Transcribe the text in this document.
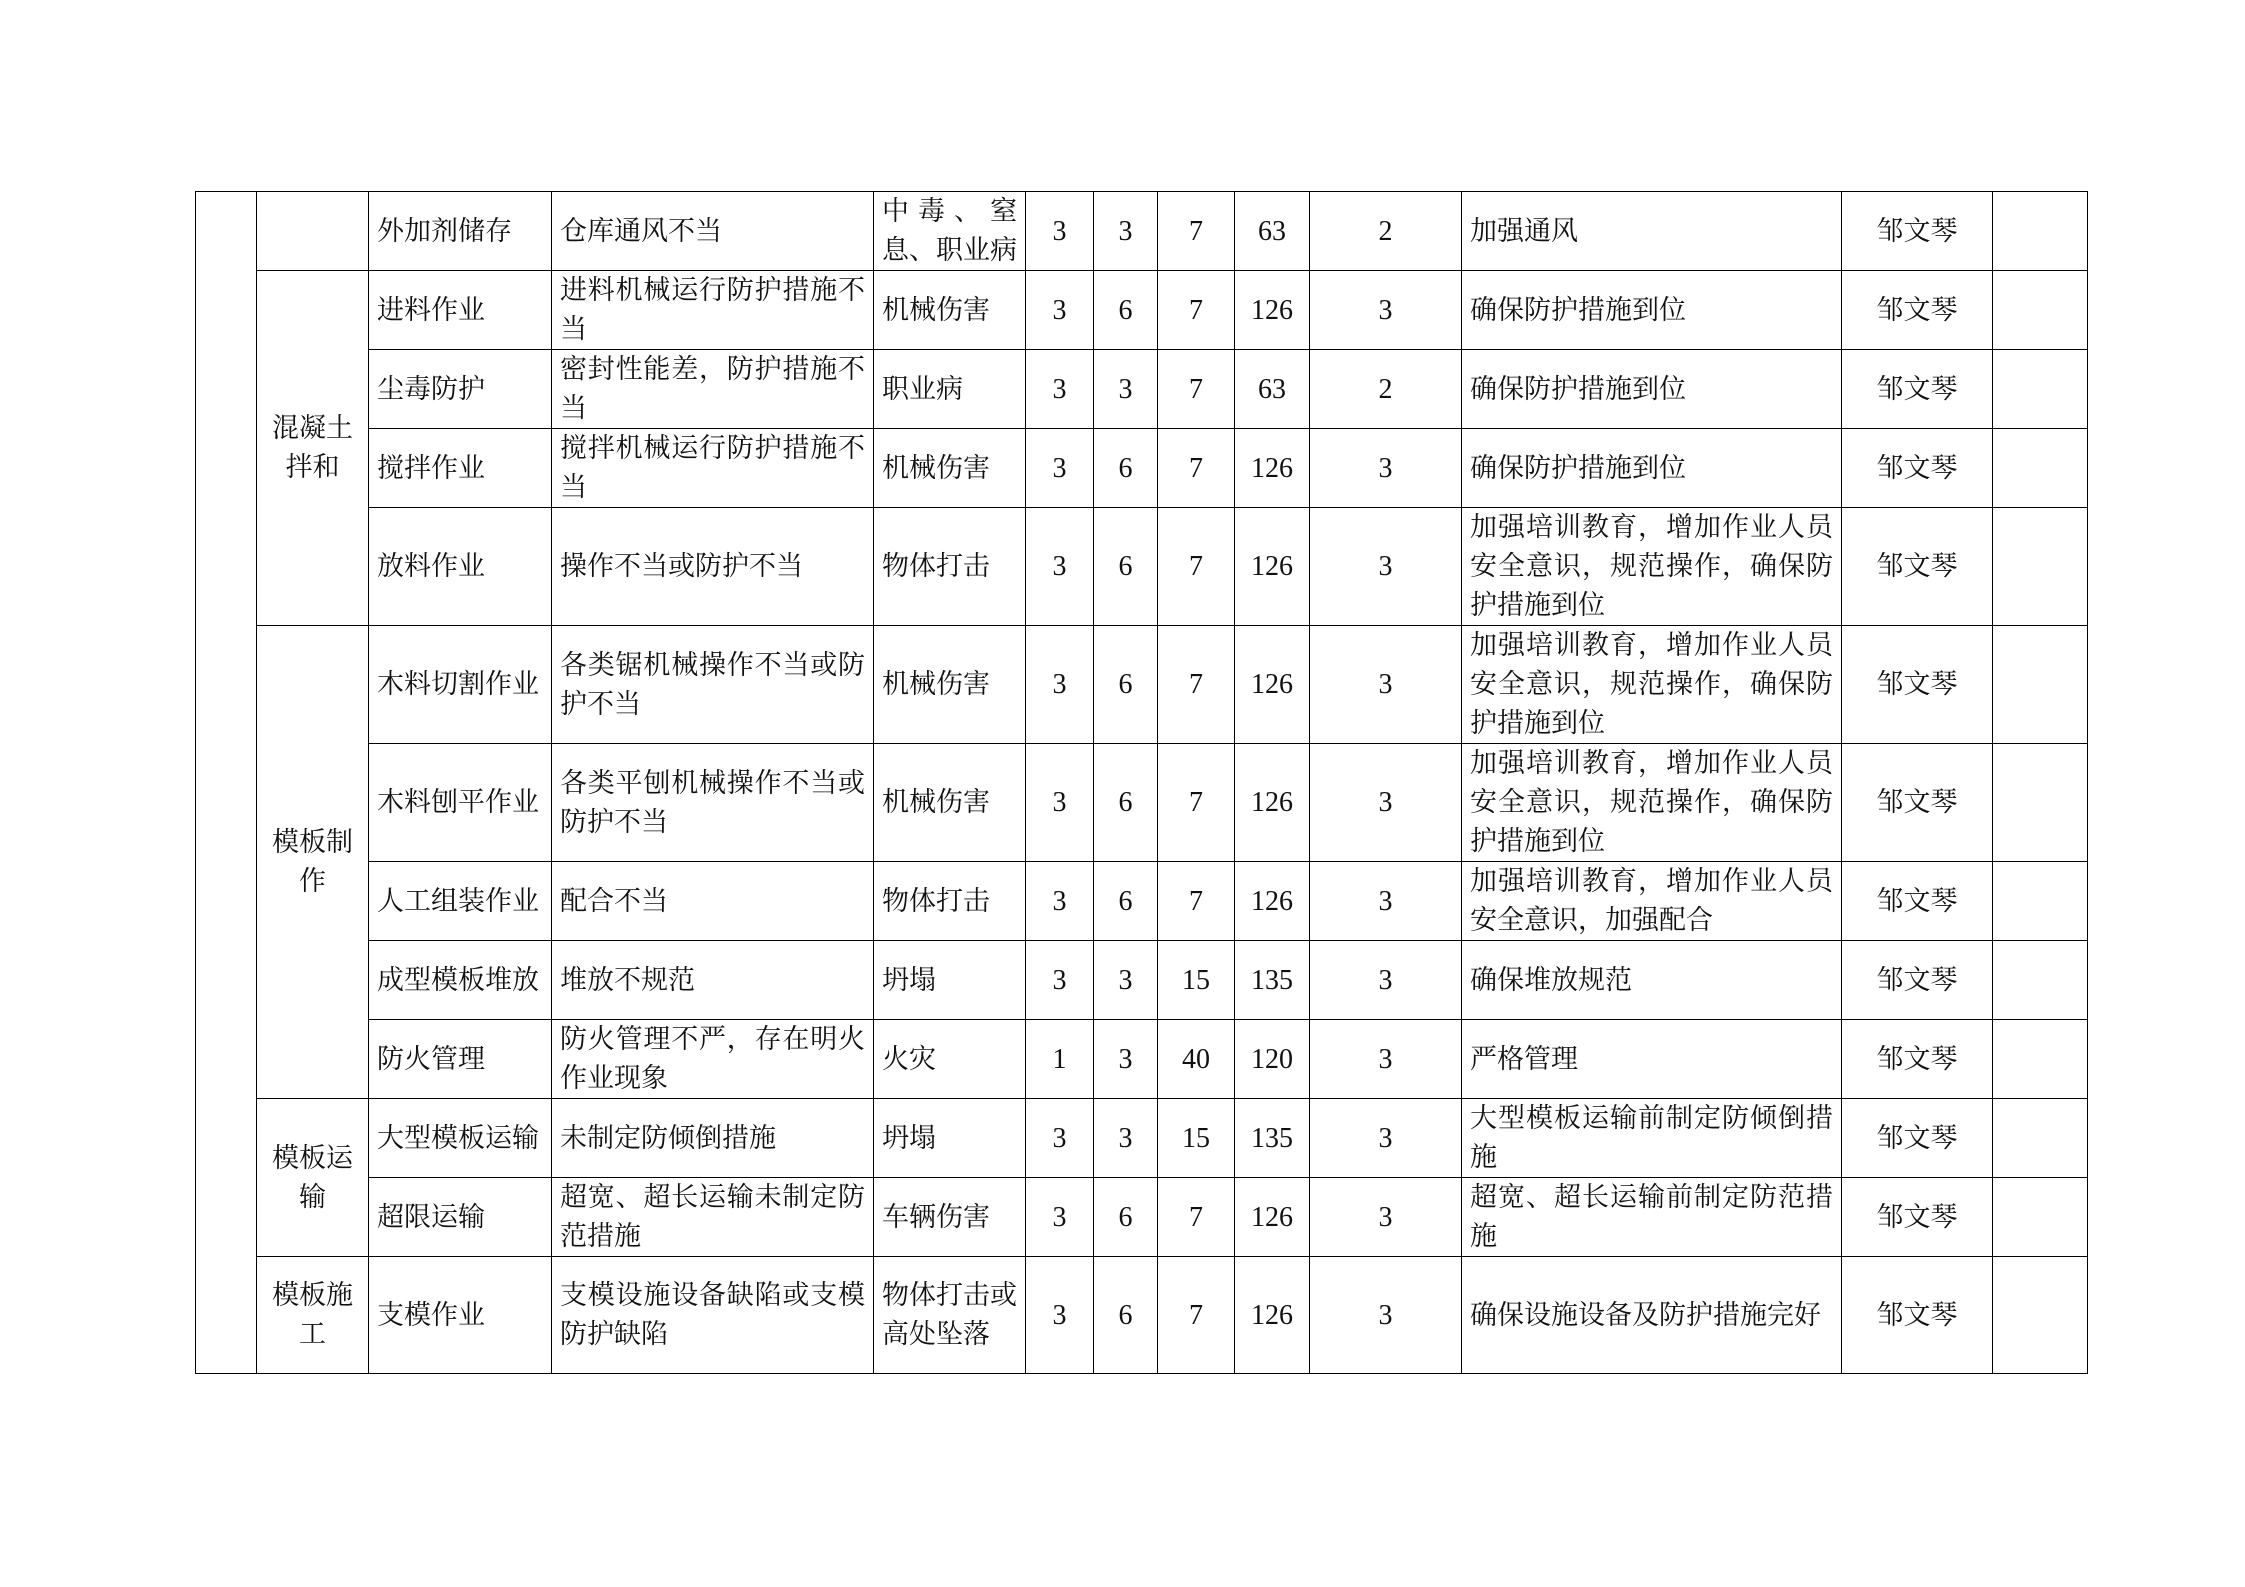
		外加剂储存	仓库通风不当	中毒、窒息、职业病	3	3	7	63	2	加强通风	邹文琴	
	混凝土拌和	进料作业	进料机械运行防护措施不当	机械伤害	3	6	7	126	3	确保防护措施到位	邹文琴	
		尘毒防护	密封性能差，防护措施不当	职业病	3	3	7	63	2	确保防护措施到位	邹文琴	
		搅拌作业	搅拌机械运行防护措施不当	机械伤害	3	6	7	126	3	确保防护措施到位	邹文琴	
		放料作业	操作不当或防护不当	物体打击	3	6	7	126	3	加强培训教育，增加作业人员安全意识，规范操作，确保防护措施到位	邹文琴	
	模板制作	木料切割作业	各类锯机械操作不当或防护不当	机械伤害	3	6	7	126	3	加强培训教育，增加作业人员安全意识，规范操作，确保防护措施到位	邹文琴	
		木料刨平作业	各类平刨机械操作不当或防护不当	机械伤害	3	6	7	126	3	加强培训教育，增加作业人员安全意识，规范操作，确保防护措施到位	邹文琴	
		人工组装作业	配合不当	物体打击	3	6	7	126	3	加强培训教育，增加作业人员安全意识，加强配合	邹文琴	
		成型模板堆放	堆放不规范	坍塌	3	3	15	135	3	确保堆放规范	邹文琴	
		防火管理	防火管理不严，存在明火作业现象	火灾	1	3	40	120	3	严格管理	邹文琴	
	模板运输	大型模板运输	未制定防倾倒措施	坍塌	3	3	15	135	3	大型模板运输前制定防倾倒措施	邹文琴	
		超限运输	超宽、超长运输未制定防范措施	车辆伤害	3	6	7	126	3	超宽、超长运输前制定防范措施	邹文琴	
	模板施工	支模作业	支模设施设备缺陷或支模防护缺陷	物体打击或高处坠落	3	6	7	126	3	确保设施设备及防护措施完好	邹文琴	
